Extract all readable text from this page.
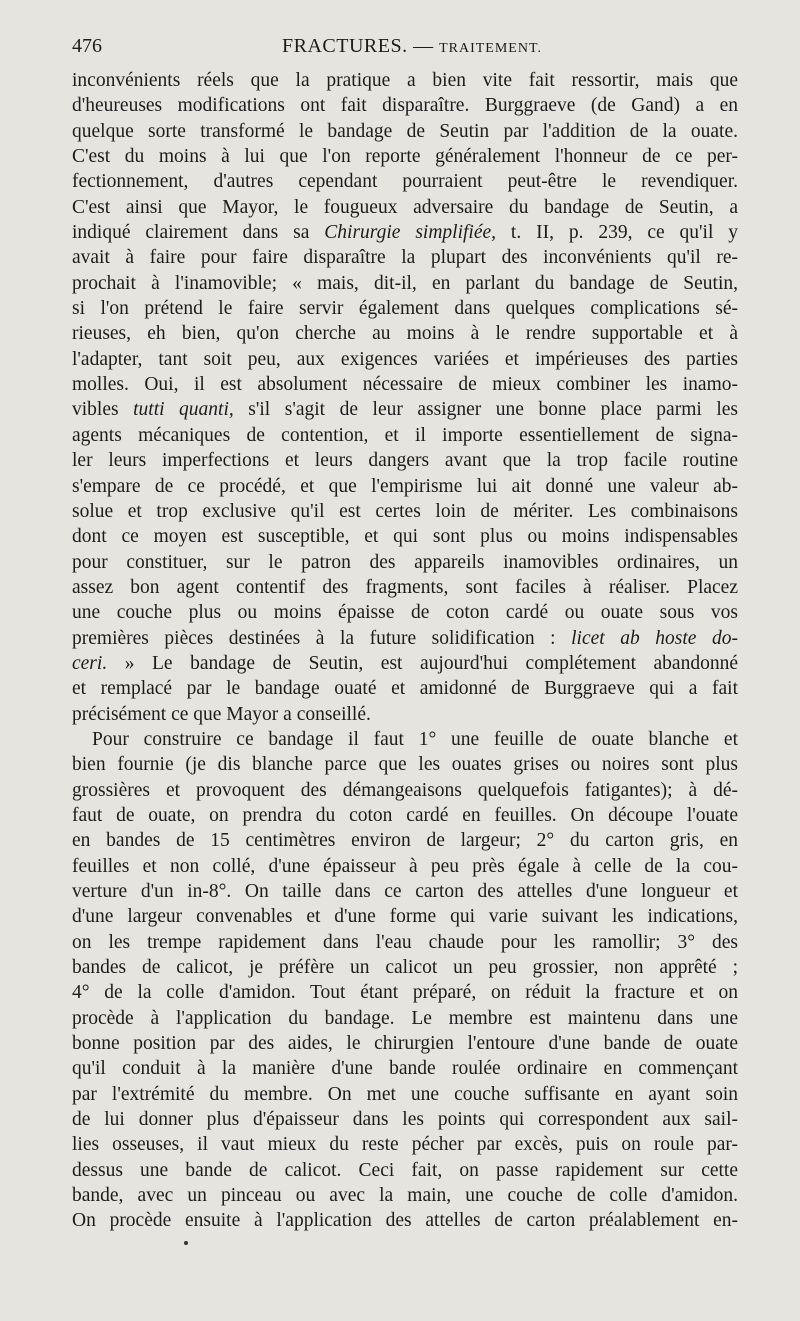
476	FRACTURES. — TRAITEMENT.
inconvénients réels que la pratique a bien vite fait ressortir, mais que
d'heureuses modifications ont fait disparaître. Burggraeve (de Gand) a en
quelque sorte transformé le bandage de Seutin par l'addition de la ouate.
C'est du moins à lui que l'on reporte généralement l'honneur de ce per-
fectionnement, d'autres cependant pourraient peut-être le revendiquer.
C'est ainsi que Mayor, le fougueux adversaire du bandage de Seutin, a
indiqué clairement dans sa Chirurgie simplifiée, t. II, p. 239, ce qu'il y
avait à faire pour faire disparaître la plupart des inconvénients qu'il re-
prochait à l'inamovible; « mais, dit-il, en parlant du bandage de Seutin,
si l'on prétend le faire servir également dans quelques complications sé-
rieuses, eh bien, qu'on cherche au moins à le rendre supportable et à
l'adapter, tant soit peu, aux exigences variées et impérieuses des parties
molles. Oui, il est absolument nécessaire de mieux combiner les inamo-
vibles tutti quanti, s'il s'agit de leur assigner une bonne place parmi les
agents mécaniques de contention, et il importe essentiellement de signa-
ler leurs imperfections et leurs dangers avant que la trop facile routine
s'empare de ce procédé, et que l'empirisme lui ait donné une valeur ab-
solue et trop exclusive qu'il est certes loin de mériter. Les combinaisons
dont ce moyen est susceptible, et qui sont plus ou moins indispensables
pour constituer, sur le patron des appareils inamovibles ordinaires, un
assez bon agent contentif des fragments, sont faciles à réaliser. Placez
une couche plus ou moins épaisse de coton cardé ou ouate sous vos
premières pièces destinées à la future solidification : licet ab hoste do-
ceri. » Le bandage de Seutin, est aujourd'hui complétement abandonné
et remplacé par le bandage ouaté et amidonné de Burggraeve qui a fait
précisément ce que Mayor a conseillé.
Pour construire ce bandage il faut 1° une feuille de ouate blanche et
bien fournie (je dis blanche parce que les ouates grises ou noires sont plus
grossières et provoquent des démangeaisons quelquefois fatigantes); à dé-
faut de ouate, on prendra du coton cardé en feuilles. On découpe l'ouate
en bandes de 15 centimètres environ de largeur; 2° du carton gris, en
feuilles et non collé, d'une épaisseur à peu près égale à celle de la cou-
verture d'un in-8°. On taille dans ce carton des attelles d'une longueur et
d'une largeur convenables et d'une forme qui varie suivant les indications,
on les trempe rapidement dans l'eau chaude pour les ramollir; 3° des
bandes de calicot, je préfère un calicot un peu grossier, non apprêté ;
4° de la colle d'amidon. Tout étant préparé, on réduit la fracture et on
procède à l'application du bandage. Le membre est maintenu dans une
bonne position par des aides, le chirurgien l'entoure d'une bande de ouate
qu'il conduit à la manière d'une bande roulée ordinaire en commençant
par l'extrémité du membre. On met une couche suffisante en ayant soin
de lui donner plus d'épaisseur dans les points qui correspondent aux sail-
lies osseuses, il vaut mieux du reste pécher par excès, puis on roule par-
dessus une bande de calicot. Ceci fait, on passe rapidement sur cette
bande, avec un pinceau ou avec la main, une couche de colle d'amidon.
On procède ensuite à l'application des attelles de carton préalablement en-
